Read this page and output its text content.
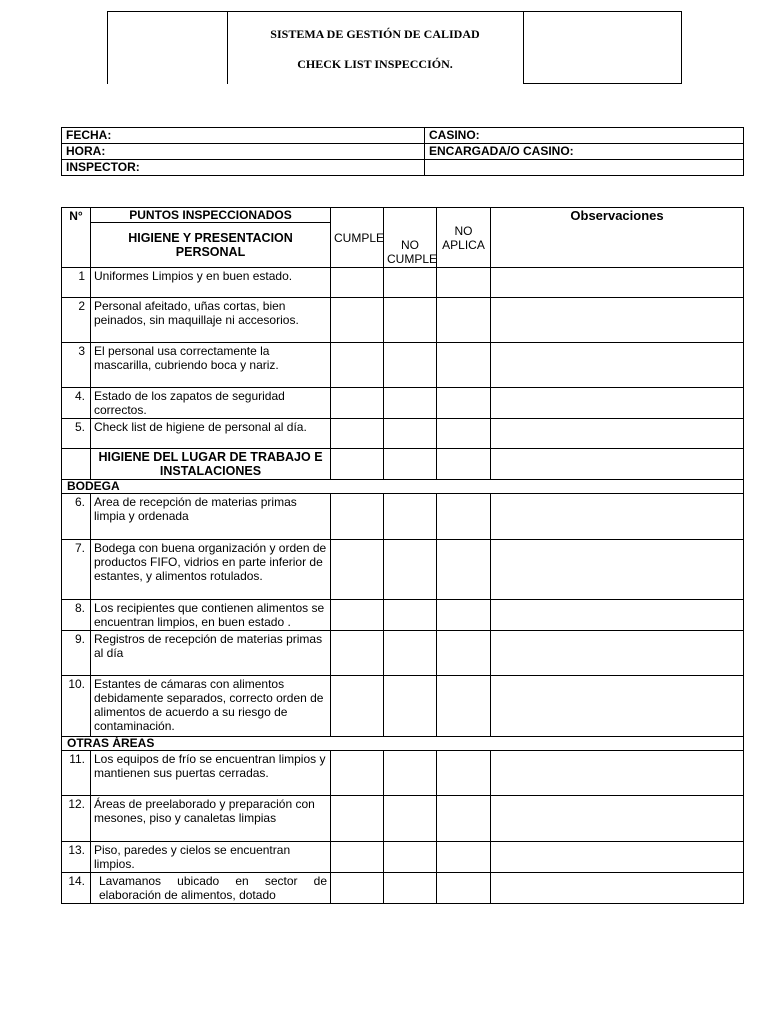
SISTEMA DE GESTIÓN DE CALIDAD
CHECK LIST INSPECCIÓN.
FECHA:	CASINO:
HORA:	ENCARGADA/O CASINO:
INSPECTOR:	
N°	PUNTOS INSPECCIONADOS	CUMPLE	NO CUMPLE	NO APLICA	Observaciones
	HIGIENE Y PRESENTACION PERSONAL				
1	Uniformes Limpios y en buen estado.				
2	Personal afeitado, uñas cortas, bien peinados, sin maquillaje ni accesorios.				
3	El personal usa correctamente la mascarilla, cubriendo boca y nariz.				
4.	Estado de los zapatos de seguridad correctos.				
5.	Check list de higiene de personal al día.				
	HIGIENE DEL LUGAR DE TRABAJO E INSTALACIONES				
BODEGA					
6.	Area de recepción de materias primas limpia y ordenada				
7.	Bodega con buena organización y orden de productos FIFO, vidrios en parte inferior de estantes, y alimentos rotulados.				
8.	Los recipientes que contienen alimentos se encuentran limpios, en buen estado .				
9.	Registros de recepción de materias primas al día				
10.	Estantes de cámaras con alimentos debidamente separados, correcto orden de alimentos de acuerdo a su riesgo de contaminación.				
OTRAS ÁREAS					
11.	Los equipos de frío se encuentran limpios y mantienen sus puertas cerradas.				
12.	Áreas de preelaborado y preparación con mesones, piso y canaletas limpias				
13.	Piso, paredes y cielos se encuentran limpios.				
14.	Lavamanos ubicado en sector de elaboración de alimentos, dotado				
